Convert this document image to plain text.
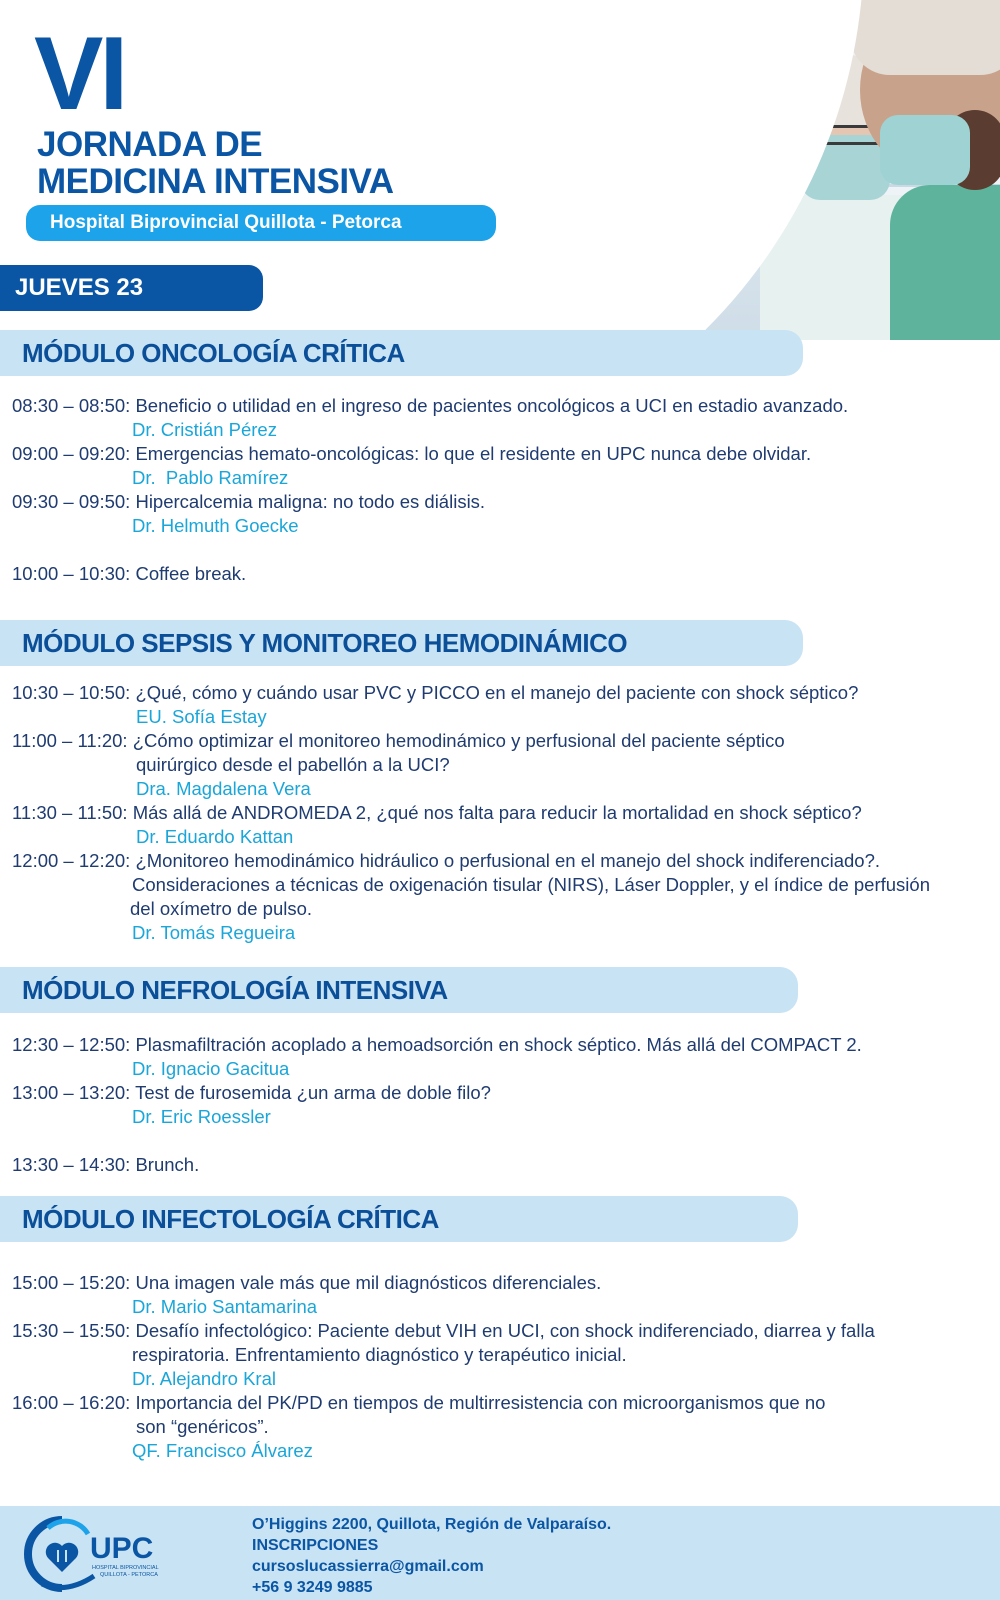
VI
JORNADA DE
MEDICINA INTENSIVA
Hospital Biprovincial Quillota - Petorca
JUEVES 23
MÓDULO ONCOLOGÍA CRÍTICA
08:30 – 08:50: Beneficio o utilidad en el ingreso de pacientes oncológicos a UCI en estadio avanzado.
Dr. Cristián Pérez
09:00 – 09:20: Emergencias hemato-oncológicas: lo que el residente en UPC nunca debe olvidar.
Dr.  Pablo Ramírez
09:30 – 09:50: Hipercalcemia maligna: no todo es diálisis.
Dr. Helmuth Goecke
10:00 – 10:30: Coffee break.
MÓDULO SEPSIS Y MONITOREO HEMODINÁMICO
10:30 – 10:50: ¿Qué, cómo y cuándo usar PVC y PICCO en el manejo del paciente con shock séptico?
EU. Sofía Estay
11:00 – 11:20: ¿Cómo optimizar el monitoreo hemodinámico y perfusional del paciente séptico
quirúrgico desde el pabellón a la UCI?
Dra. Magdalena Vera
11:30 – 11:50: Más allá de ANDROMEDA 2, ¿qué nos falta para reducir la mortalidad en shock séptico?
Dr. Eduardo Kattan
12:00 – 12:20: ¿Monitoreo hemodinámico hidráulico o perfusional en el manejo del shock indiferenciado?.
Consideraciones a técnicas de oxigenación tisular (NIRS), Láser Doppler, y el índice de perfusión
del oxímetro de pulso.
Dr. Tomás Regueira
MÓDULO NEFROLOGÍA INTENSIVA
12:30 – 12:50: Plasmafiltración acoplado a hemoadsorción en shock séptico. Más allá del COMPACT 2.
Dr. Ignacio Gacitua
13:00 – 13:20: Test de furosemida ¿un arma de doble filo?
Dr. Eric Roessler
13:30 – 14:30: Brunch.
MÓDULO INFECTOLOGÍA CRÍTICA
15:00 – 15:20: Una imagen vale más que mil diagnósticos diferenciales.
Dr. Mario Santamarina
15:30 – 15:50: Desafío infectológico: Paciente debut VIH en UCI, con shock indiferenciado, diarrea y falla
respiratoria. Enfrentamiento diagnóstico y terapéutico inicial.
Dr. Alejandro Kral
16:00 – 16:20: Importancia del PK/PD en tiempos de multirresistencia con microorganismos que no
son “genéricos”.
QF. Francisco Álvarez
UPC
HOSPITAL BIPROVINCIAL
QUILLOTA - PETORCA
O’Higgins 2200, Quillota, Región de Valparaíso.
INSCRIPCIONES
cursoslucassierra@gmail.com
+56 9 3249 9885
